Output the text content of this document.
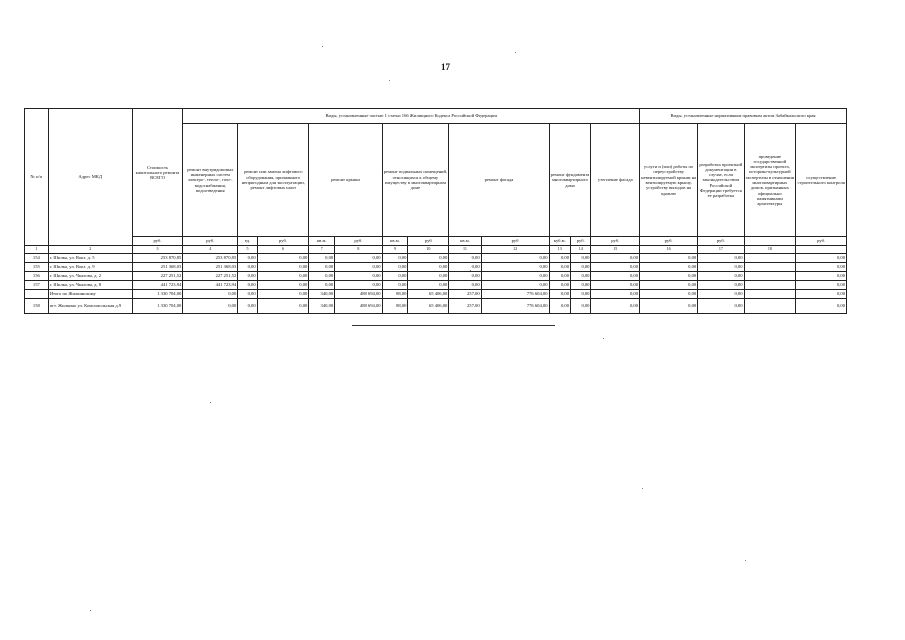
17
№ п/п	Адрес МКД	Стоимость капитального ремонта ВСЕГО	Виды, установленные частью 1 статьи 166 Жилищного Кодекса Российской Федерации												Виды, установленные нормативным правовым актом Забайкальского края			
			ремонт внутридомовых инженерных систем электро-, тепло-, газо-, водоснабжения, водоотведения	ремонт или замена лифтового оборудования, признанного непригодным для эксплуатации, ремонт лифтовых шахт		ремонт крыши		ремонт подвальных помещений, относящихся к общему имуществу в многоквартирном доме		ремонт фасада		ремонт фундамента многоквартирного дома		утепление фасада	услуги и (или) работы по переустройству невентилируемой крыши на вентилируемую крышу, устройству выходов на кровлю	разработка проектной документации в случае, если законодательством Российской Федерации требуется ее разработка	проведение государственной экспертизы проекта, историко-культурной экспертизы в отношении многоквартирных домов, признанных официально памятниками архитектуры	осуществление строительного контроля
		руб.	руб.	ед.	руб.	кв.м.	руб.	кв.м.	руб	кв.м.	руб	куб.м.	руб.	руб.	руб.	руб.		руб.
1	2	3	4	5	6	7	8	9	10	11	12	13	14	15	16	17	18	
154	г. Шилка, ул. Вокз. д. 5	253 870,85	253 870,85	0,00	0,00	0,00	0,00	0,00	0,00	0,00	0,00	0,00	0,00	0,00	0,00	0,00		0,00
155	г. Шилка, ул. Вокз. д. 9	251 368,03	251 368,03	0,00	0,00	0,00	0,00	0,00	0,00	0,00	0,00	0,00	0,00	0,00	0,00	0,00		0,00
156	г. Шилка, ул. Чкалова, д. 2	227 251,52	227 251,52	0,00	0,00	0,00	0,00	0,00	0,00	0,00	0,00	0,00	0,00	0,00	0,00	0,00		0,00
157	г. Шилка, ул. Чкалова, д. 8	441 723,94	441 723,94	0,00	0,00	0,00	0,00	0,00	0,00	0,00	0,00	0,00	0,00	0,00	0,00	0,00		0,00
	Итого по Жилкинскому	1 330 704,00	0,00	0,00	0,00	340,00	488 694,00	88,00	65 406,00	257,00	776 604,00	0,00	0,00	0,00	0,00	0,00		0,00
158	пгт. Жилкино ул. Комсомольская д.9	1 330 704,00	0,00	0,00	0,00	340,00	488 694,00	88,00	65 406,00	257,00	776 604,00	0,00	0,00	0,00	0,00	0,00		0,00
